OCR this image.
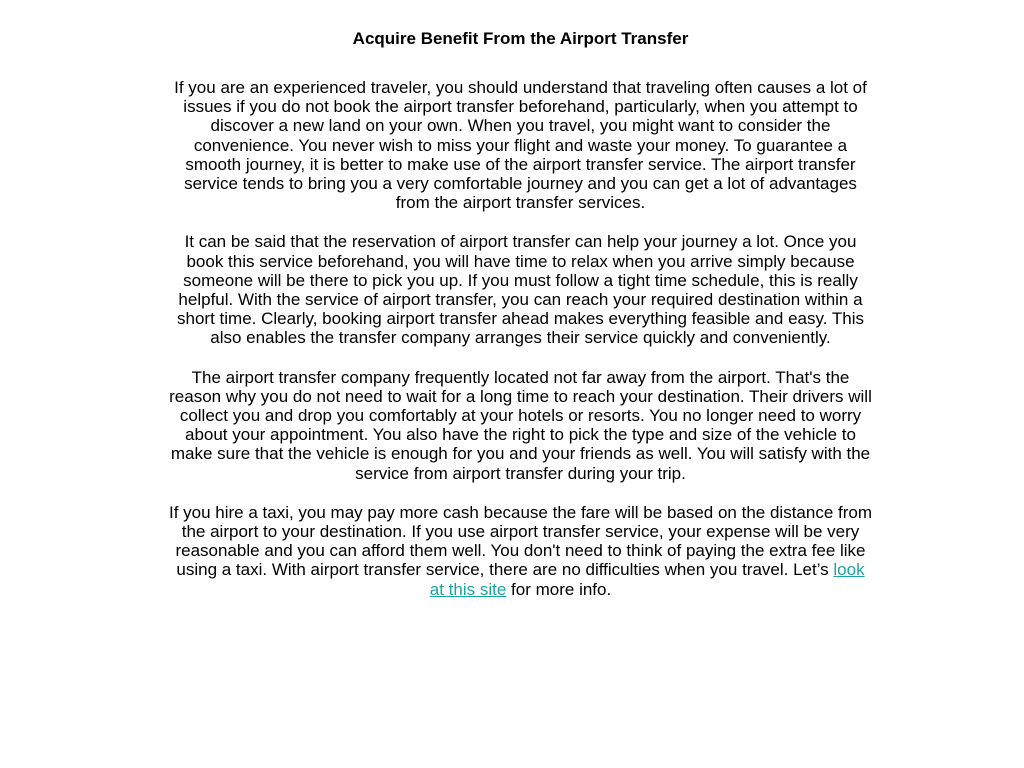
Acquire Benefit From the Airport Transfer

If you are an experienced traveler, you should understand that traveling often causes a lot of issues if you do not book the airport transfer beforehand, particularly, when you attempt to discover a new land on your own. When you travel, you might want to consider the convenience. You never wish to miss your flight and waste your money. To guarantee a smooth journey, it is better to make use of the airport transfer service. The airport transfer service tends to bring you a very comfortable journey and you can get a lot of advantages from the airport transfer services.

It can be said that the reservation of airport transfer can help your journey a lot. Once you book this service beforehand, you will have time to relax when you arrive simply because someone will be there to pick you up. If you must follow a tight time schedule, this is really helpful. With the service of airport transfer, you can reach your required destination within a short time. Clearly, booking airport transfer ahead makes everything feasible and easy. This also enables the transfer company arranges their service quickly and conveniently.

The airport transfer company frequently located not far away from the airport. That's the reason why you do not need to wait for a long time to reach your destination. Their drivers will collect you and drop you comfortably at your hotels or resorts. You no longer need to worry about your appointment. You also have the right to pick the type and size of the vehicle to make sure that the vehicle is enough for you and your friends as well. You will satisfy with the service from airport transfer during your trip.

If you hire a taxi, you may pay more cash because the fare will be based on the distance from the airport to your destination. If you use airport transfer service, your expense will be very reasonable and you can afford them well. You don't need to think of paying the extra fee like using a taxi. With airport transfer service, there are no difficulties when you travel. Let’s look at this site for more info.
